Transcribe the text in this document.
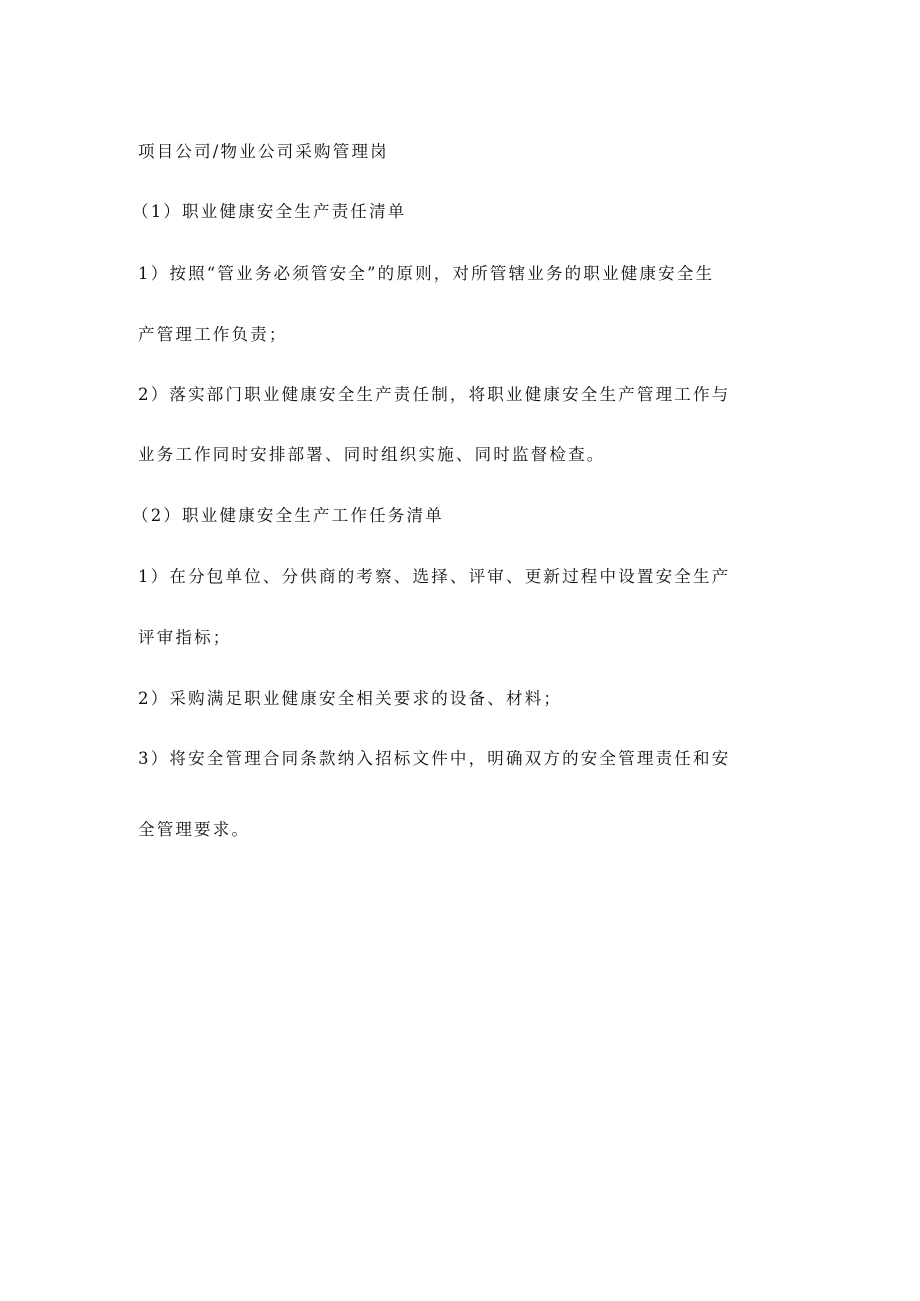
项目公司/物业公司采购管理岗
（1）职业健康安全生产责任清单
1）按照“管业务必须管安全”的原则，对所管辖业务的职业健康安全生
产管理工作负责；
2）落实部门职业健康安全生产责任制，将职业健康安全生产管理工作与
业务工作同时安排部署、同时组织实施、同时监督检查。
（2）职业健康安全生产工作任务清单
1）在分包单位、分供商的考察、选择、评审、更新过程中设置安全生产
评审指标；
2）采购满足职业健康安全相关要求的设备、材料；
3）将安全管理合同条款纳入招标文件中，明确双方的安全管理责任和安
全管理要求。
